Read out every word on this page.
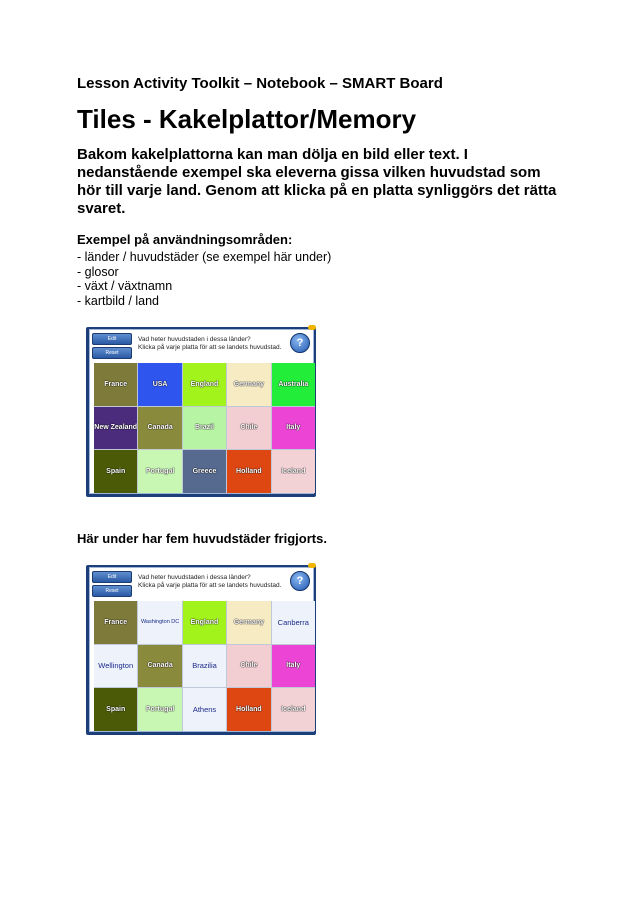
Lesson Activity Toolkit – Notebook – SMART Board
Tiles - Kakelplattor/Memory
Bakom kakelplattorna kan man dölja en bild eller text. I nedanstående exempel ska eleverna gissa vilken huvudstad som hör till varje land. Genom att klicka på en platta synliggörs det rätta svaret.
Exempel på användningsområden:
- länder / huvudstäder (se exempel här under)
- glosor
- växt / växtnamn
- kartbild / land
Edit
Reset
Vad heter huvudstaden i dessa länder?
Klicka på varje platta för att se landets huvudstad.	?
France	USA	England	Germany	Australia
New Zealand	Canada	Brazil	Chile	Italy
Spain	Portugal	Greece	Holland	Iceland
Här under har fem huvudstäder frigjorts.
Edit
Reset
Vad heter huvudstaden i dessa länder?
Klicka på varje platta för att se landets huvudstad.	?
France	Washington DC	England	Germany	Canberra
Wellington	Canada	Brazilia	Chile	Italy
Spain	Portugal	Athens	Holland	Iceland
